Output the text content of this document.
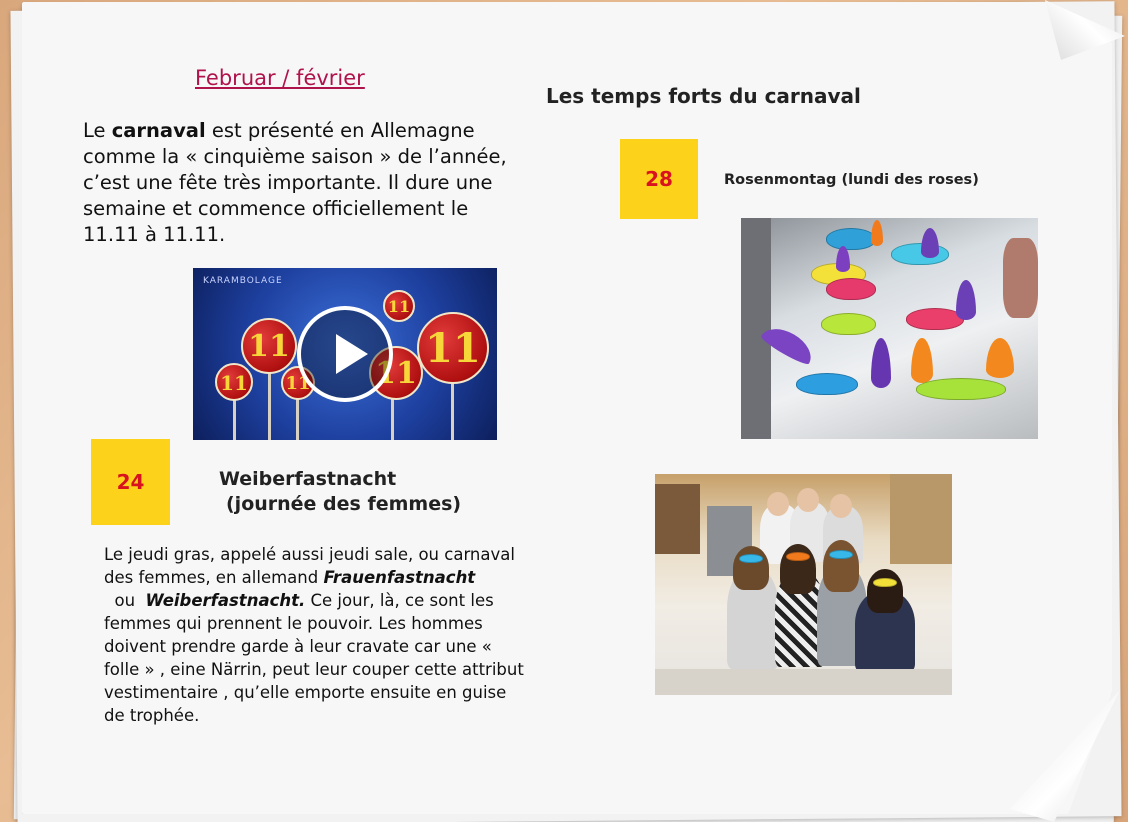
Februar / février

Le carnaval est présenté en Allemagne comme la « cinquième saison » de l’année, c’est une fête très importante. Il dure une semaine et commence officiellement le 11.11 à 11.11.

KARAMBOLAGE
11
11
11 11
11
11
24	Weiberfastnacht
(journée des femmes)

Le jeudi gras, appelé aussi jeudi sale, ou carnaval des femmes, en allemand Frauenfastnacht  ou  Weiberfastnacht. Ce jour, là, ce sont les femmes qui prennent le pouvoir. Les hommes doivent prendre garde à leur cravate car une « folle » , eine Närrin, peut leur couper cette attribut vestimentaire , qu’elle emporte ensuite en guise de trophée.

Les temps forts du carnaval
28	Rosenmontag (lundi des roses)
